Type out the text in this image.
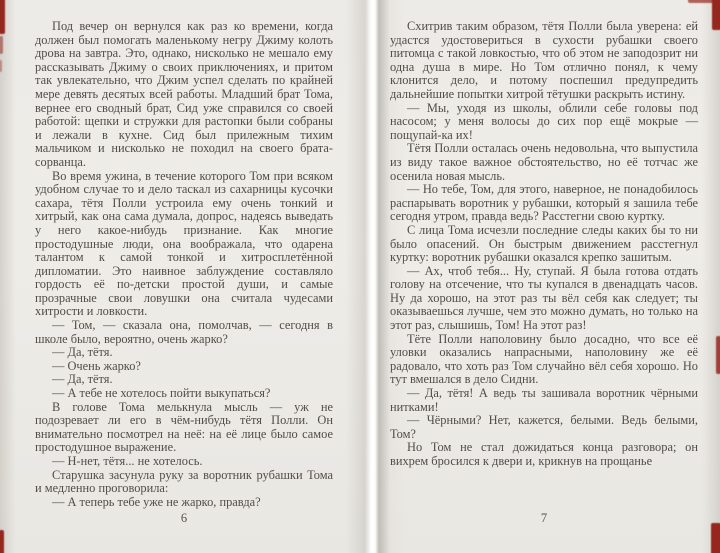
Под вечер он вернулся как раз ко времени, когда должен был помогать маленькому негру Джиму колоть дрова на завтра. Это, однако, нисколько не мешало ему рассказывать Джиму о своих приключениях, и притом так увлекательно, что Джим успел сделать по крайней мере девять десятых всей работы. Младший брат Тома, вернее его сводный брат, Сид уже справился со своей работой: щепки и стружки для растопки были собраны и лежали в кухне. Сид был прилежным тихим мальчиком и нисколько не походил на своего брата-сорванца.

Во время ужина, в течение которого Том при всяком удобном случае то и дело таскал из сахарницы кусочки сахара, тётя Полли устроила ему очень тонкий и хитрый, как она сама думала, допрос, надеясь выведать у него какое-нибудь признание. Как многие простодушные люди, она воображала, что одарена талантом к самой тонкой и хитросплетённой дипломатии. Это наивное заблуждение составляло гордость её по-детски простой души, и самые прозрачные свои ловушки она считала чудесами хитрости и ловкости.

— Том, — сказала она, помолчав, — сегодня в школе было, вероятно, очень жарко?

— Да, тётя.

— Очень жарко?

— Да, тётя.

— А тебе не хотелось пойти выкупаться?

В голове Тома мелькнула мысль — уж не подозревает ли его в чём-нибудь тётя Полли. Он внимательно посмотрел на неё: на её лице было самое простодушное выражение.

— Н-нет, тётя... не хотелось.

Старушка засунула руку за воротник рубашки Тома и медленно проговорила:

— А теперь тебе уже не жарко, правда?

Схитрив таким образом, тётя Полли была уверена: ей удастся удостовериться в сухости рубашки своего питомца с такой ловкостью, что об этом не заподозрит ни одна душа в мире. Но Том отлично понял, к чему клонится дело, и потому поспешил предупредить дальнейшие попытки хитрой тётушки раскрыть истину.

— Мы, уходя из школы, облили себе головы под насосом; у меня волосы до сих пор ещё мокрые — пощупай-ка их!

Тётя Полли осталась очень недовольна, что выпустила из виду такое важное обстоятельство, но её тотчас же осенила новая мысль.

— Но тебе, Том, для этого, наверное, не понадобилось распарывать воротник у рубашки, который я зашила тебе сегодня утром, правда ведь? Расстегни свою куртку.

С лица Тома исчезли последние следы каких бы то ни было опасений. Он быстрым движением расстегнул куртку: воротник рубашки оказался крепко зашитым.

— Ах, чтоб тебя... Ну, ступай. Я была готова отдать голову на отсечение, что ты купался в двенадцать часов. Ну да хорошо, на этот раз ты вёл себя как следует; ты оказываешься лучше, чем это можно думать, но только на этот раз, слышишь, Том! На этот раз!

Тёте Полли наполовину было досадно, что все её уловки оказались напрасными, наполовину же её радовало, что хоть раз Том случайно вёл себя хорошо. Но тут вмешался в дело Сидни.

— Да, тётя! А ведь ты зашивала воротник чёрными нитками!

— Чёрными? Нет, кажется, белыми. Ведь белыми, Том?

Но Том не стал дожидаться конца разговора; он вихрем бросился к двери и, крикнув на прощанье

6	7
